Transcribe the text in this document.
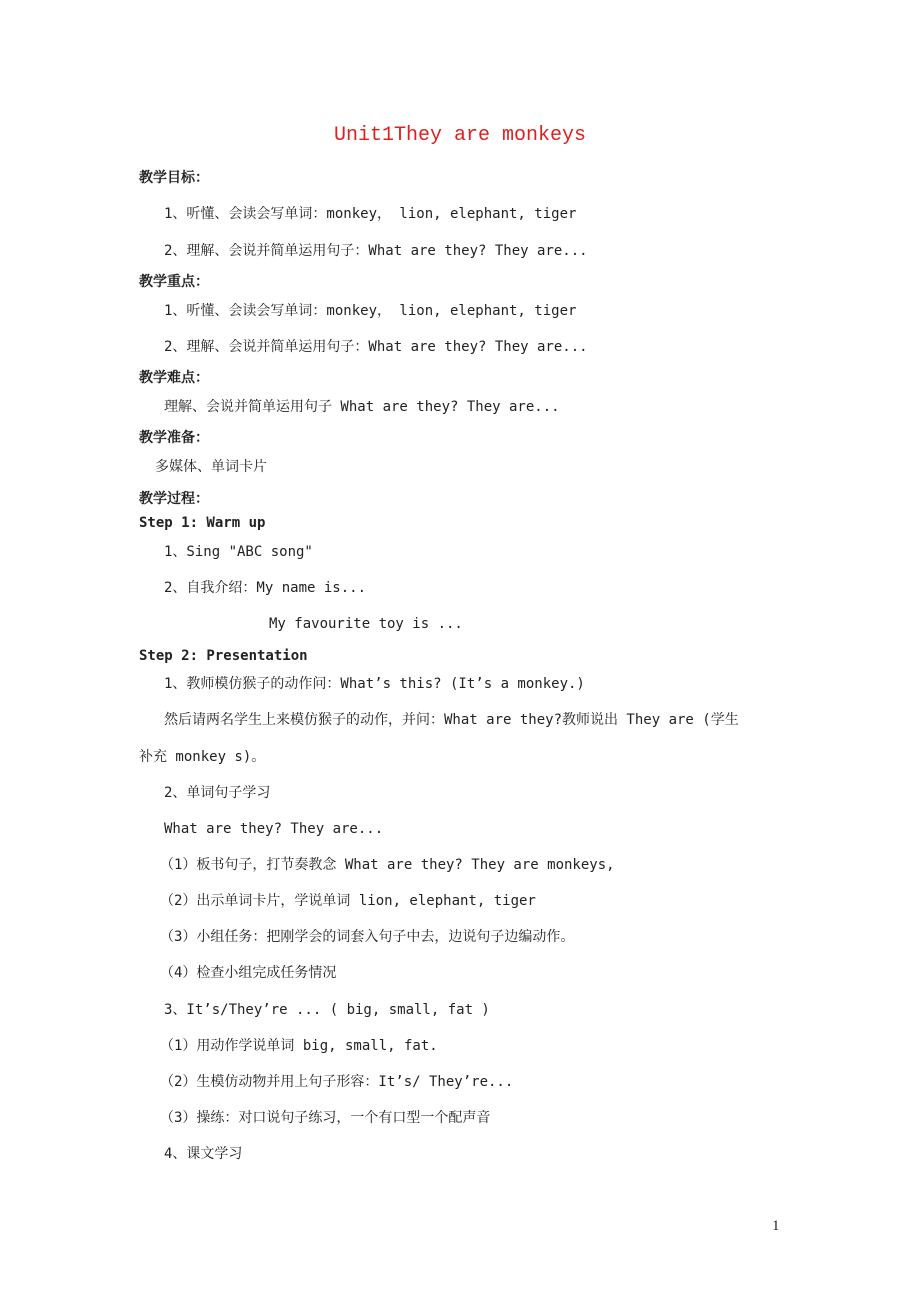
Unit1They are monkeys
教学目标：
1、听懂、会读会写单词：monkey， lion, elephant, tiger
2、理解、会说并简单运用句子：What are they? They are...
教学重点：
1、听懂、会读会写单词：monkey， lion, elephant, tiger
2、理解、会说并简单运用句子：What are they? They are...
教学难点：
理解、会说并简单运用句子 What are they? They are...
教学准备：
多媒体、单词卡片
教学过程：
Step 1: Warm up
1、Sing "ABC song"
2、自我介绍：My name is...
My favourite toy is ...
Step 2: Presentation
1、教师模仿猴子的动作问：What’s this? (It’s a monkey.)
然后请两名学生上来模仿猴子的动作，并问：What are they?教师说出 They are (学生
补充 monkey s)。
2、单词句子学习
What are they? They are...
（1）板书句子，打节奏教念 What are they? They are monkeys,
（2）出示单词卡片，学说单词 lion, elephant, tiger
（3）小组任务：把刚学会的词套入句子中去，边说句子边编动作。
（4）检查小组完成任务情况
3、It’s/They’re ... ( big, small, fat )
（1）用动作学说单词 big, small, fat.
（2）生模仿动物并用上句子形容：It’s/ They’re...
（3）操练：对口说句子练习，一个有口型一个配声音
4、课文学习
1
